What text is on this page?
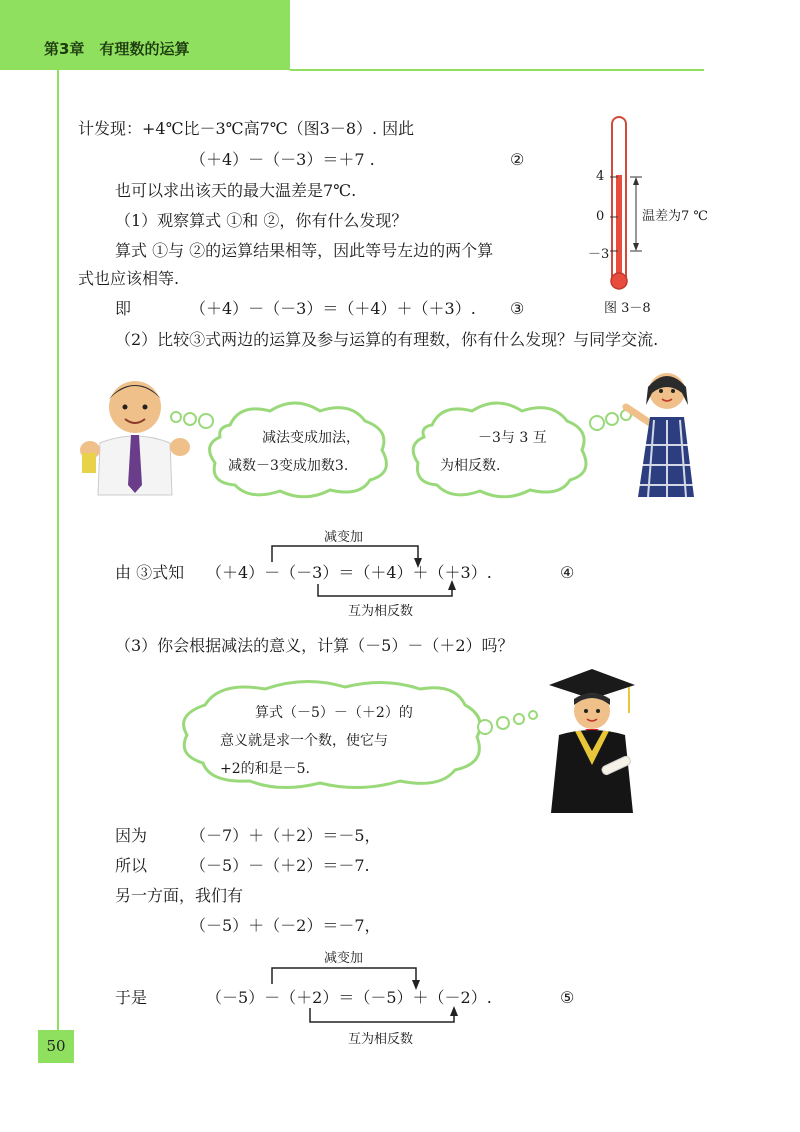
第3章　有理数的运算
50
计发现：+4℃比－3℃高7℃（图3－8）. 因此
（＋4）－（－3）＝＋7 .	②
也可以求出该天的最大温差是7℃.
（1）观察算式 ①和 ②，你有什么发现？
算式 ①与 ②的运算结果相等，因此等号左边的两个算
式也应该相等.
即	（＋4）－（－3）＝（＋4）＋（＋3）. ③
（2）比较③式两边的运算及参与运算的有理数，你有什么发现？与同学交流.
4
0
－3
温差为7 ℃
图 3－8
减法变成加法，
减数－3变成加数3.
－3与 3 互
为相反数.
减变加
由 ③式知 （＋4）－（－3）＝（＋4）＋（＋3）.	④
互为相反数
（3）你会根据减法的意义，计算（－5）－（＋2）吗？
算式（－5）－（＋2）的
意义就是求一个数，使它与
+2的和是－5.
因为	（－7）＋（＋2）＝－5，
所以	（－5）－（＋2）＝－7.
另一方面，我们有
（－5）＋（－2）＝－7，
减变加
于是	（－5）－（＋2）＝（－5）＋（－2）.	⑤
互为相反数
